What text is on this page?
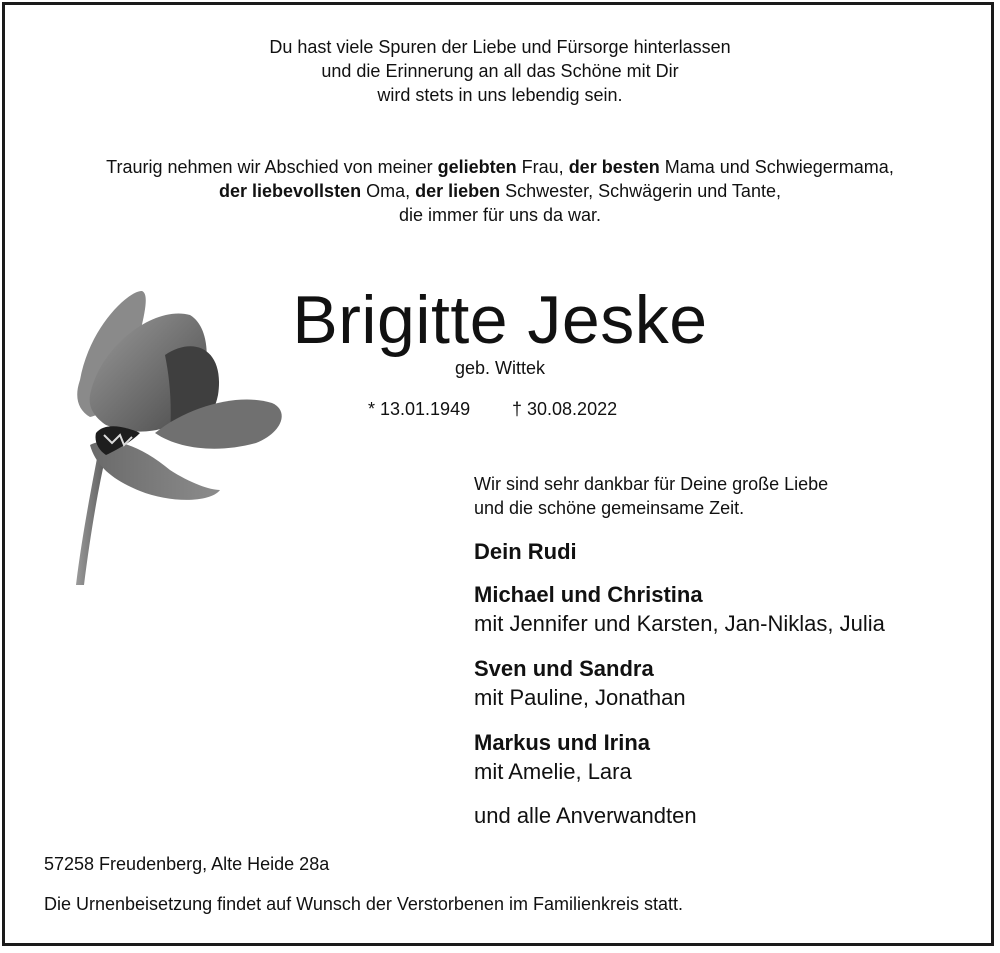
Du hast viele Spuren der Liebe und Fürsorge hinterlassen
und die Erinnerung an all das Schöne mit Dir
wird stets in uns lebendig sein.
Traurig nehmen wir Abschied von meiner geliebten Frau, der besten Mama und Schwiegermama,
der liebevollsten Oma, der lieben Schwester, Schwägerin und Tante,
die immer für uns da war.
Brigitte Jeske
geb. Wittek
* 13.01.1949 † 30.08.2022
Wir sind sehr dankbar für Deine große Liebe
und die schöne gemeinsame Zeit.
Dein Rudi
Michael und Christina
mit Jennifer und Karsten, Jan-Niklas, Julia
Sven und Sandra
mit Pauline, Jonathan
Markus und Irina
mit Amelie, Lara
und alle Anverwandten
57258 Freudenberg, Alte Heide 28a
Die Urnenbeisetzung findet auf Wunsch der Verstorbenen im Familienkreis statt.
